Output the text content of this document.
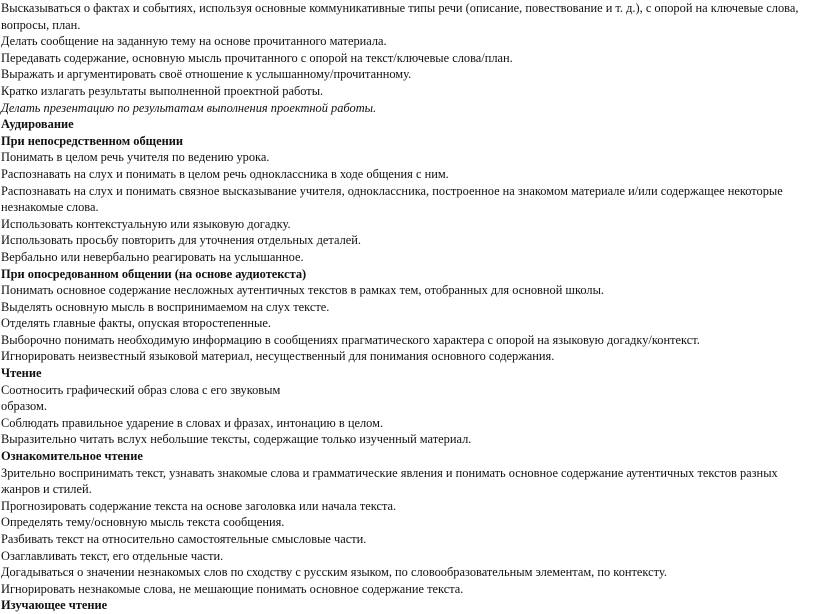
Высказываться о фактах и событиях, используя основные коммуникативные типы речи (описание, повествование и т. д.), с опорой на ключевые слова, вопросы, план.

Делать сообщение на заданную тему на основе прочитанного материала.

Передавать содержание, основную мысль прочитанного с опорой на текст/ключевые слова/план.

Выражать и аргументировать своё отношение к услышанному/прочитанному.

Кратко излагать результаты выполненной проектной работы.

Делать презентацию по результатам выполнения проектной работы.

Аудирование

При непосредственном общении

Понимать в целом речь учителя по ведению урока.

Распознавать на слух и понимать в целом речь одноклассника в ходе общения с ним.

Распознавать на слух и понимать связное высказывание учителя, одноклассника, построенное на знакомом материале и/или содержащее некоторые незнакомые слова.

Использовать контекстуальную или языковую догадку.

Использовать просьбу повторить для уточнения отдельных деталей.

Вербально или невербально реагировать на услышанное.

При опосредованном общении (на основе аудиотекста)

Понимать основное содержание несложных аутентичных текстов в рамках тем, отобранных для основной школы.

Выделять основную мысль в воспринимаемом на слух тексте.

Отделять главные факты, опуская второстепенные.

Выборочно понимать необходимую информацию в сообщениях прагматического характера с опорой на языковую догадку/контекст.

Игнорировать неизвестный языковой материал, несущественный для понимания основного содержания.

Чтение

Соотносить графический образ слова с его звуковым

образом.

Соблюдать правильное ударение в словах и фразах, интонацию в целом.

Выразительно читать вслух небольшие тексты, содержащие только изученный материал.

Ознакомительное чтение

Зрительно воспринимать текст, узнавать знакомые слова и грамматические явления и понимать основное содержание аутентичных текстов разных жанров и стилей.

Прогнозировать содержание текста на основе заголовка или начала текста.

Определять тему/основную мысль текста сообщения.

Разбивать текст на относительно самостоятельные смысловые части.

Озаглавливать текст, его отдельные части.

Догадываться о значении незнакомых слов по сходству с русским языком, по словообразовательным элементам, по контексту.

Игнорировать незнакомые слова, не мешающие понимать основное содержание текста.

Изучающее чтение
